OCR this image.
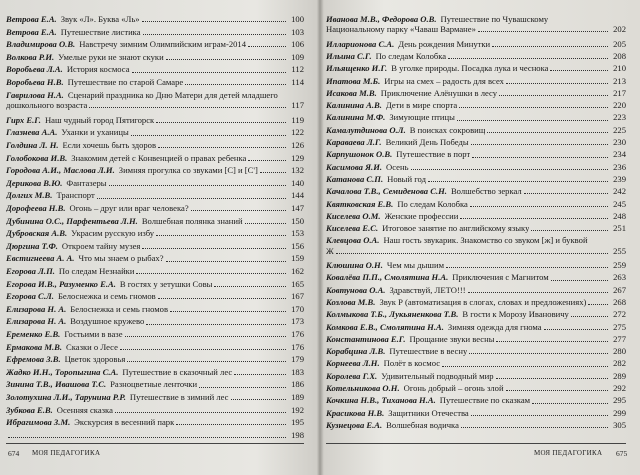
Ветрова Е.А. Звук «Л». Буква «Ль»	100
Ветрова Е.А. Путешествие листика	103
Владимирова О.В. Навстречу зимним Олимпийским играм-2014	106
Волкова Р.И. Умелые руки не знают скуки	109
Воробьева Л.А. История космоса	112
Воробьева Н.В. Путешествие по старой Самаре	114
Гаврилова Н.А. Сценарий праздника ко Дню Матери для детей младшего
дошкольного возраста	117
Гирх Е.Г. Наш чудный город Пятигорск	119
Глазнева А.А. Уханки и уханицы	122
Голдина Л. Н. Если хочешь быть здоров	126
Голобокова И.В. Знакомим детей с Конвенцией о правах ребенка	129
Городова А.И., Маслова Л.И. Зимняя прогулка со звуками [С] и [С']	132
Дерикова В.Ю. Фантазеры	140
Долгих М.В. Транспорт	144
Дорофеева Н.В. Огонь – друг или враг человека?	147
Дубинина О.С., Парфентьева Л.Н. Волшебная полянка знаний	150
Дубровская А.В. Украсим русскую избу	153
Дюргина Т.Ф. Откроем тайну музея	156
Евстигнеева А. А. Что мы знаем о рыбах?	159
Егорова Л.П. По следам Незнайки	162
Егорова И.В., Разуменко Е.А. В гостях у зетушки Совы	165
Егорова С.Л. Белоснежка и семь гномов	167
Елизарова Н. А. Белоснежка и семь гномов	170
Елизарова Н. А. Воздушное кружево	173
Еременко Е.В. Гостьими в вазе	176
Ермакова М.В. Сказки о Лесе	176
Ефремова З.В. Цветок здоровья	179
Жадко И.Н., Торопыгина С.А. Путешествие в сказочный лес	183
Зинина Т.В., Ивашова Т.С. Разноцветные ленточки	186
Золотухина Л.И., Тарунина Р.Р. Путешествие в зимний лес	189
Зубкова Е.В. Осенняя сказка	192
Ибрагимова З.М. Экскурсия в весенний парк	195
198
674 МОЯ ПЕДАГОГИКА
Иванова М.В., Федорова О.В. Путешествие по Чувашскому
Национальному парку «Чаваш Вармане»	202
Илларионова С.А. День рождения Минутки	205
Ильина С.Г. По следам Колобка	208
Ильященко И.Г. В уголке природы. Посадка лука и чеснока	210
Ипатова М.Б. Игры на смех – радость для всех	213
Исакова М.В. Приключение Алёнушки в лесу	217
Калинина А.В. Дети в мире спорта	220
Калинина М.Ф. Зимующие птицы	223
Камалутдинова О.Л. В поисках сокровищ	225
Караваева Л.Г. Великий День Победы	230
Карпушонок О.В. Путешествие в порт	234
Касимова Я.И. Осень	236
Катанова С.П. Новый год	239
Качалова Т.В., Семиденова С.Н. Волшебство зеркал	242
Квятковская Е.В. По следам Колобка	245
Киселева О.М. Женские профессии	248
Киселева Е.С. Итоговое занятие по английскому языку	251
Клевцова О.А. Наш гость звукарик. Знакомство со звуком [ж] и буквой
Ж	255
Клюшина О.Н. Чем мы дышим	259
Ковалёва П.П., Смолятина Н.А. Приключения с Магнитом	263
Ковтунова О.А. Здравствуй, ЛЕТО!!!	267
Козлова М.В. Звук Р (автоматизация в слогах, словах и предложениях)	268
Колмыкова Т.Б., Лукьяненкова Т.В. В гости к Морозу Ивановичу	272
Комкова Е.В., Смолятина Н.А. Зимняя одежда для гнома	275
Константинова Е.Г. Прощание звуки весны	277
Корабцина Л.В. Путешествие в весну	280
Корнеева Л.Н. Полёт в космос	282
Королева Г.Х. Удивительный подводный мир	289
Котельникова О.Н. Огонь добрый – огонь злой	292
Кочкина Н.В., Тиханова Н.А. Путешествие по сказкам	295
Красикова Н.В. Защитники Отечества	299
Кузнецова Е.А. Волшебная водичка	305
МОЯ ПЕДАГОГИКА 675
